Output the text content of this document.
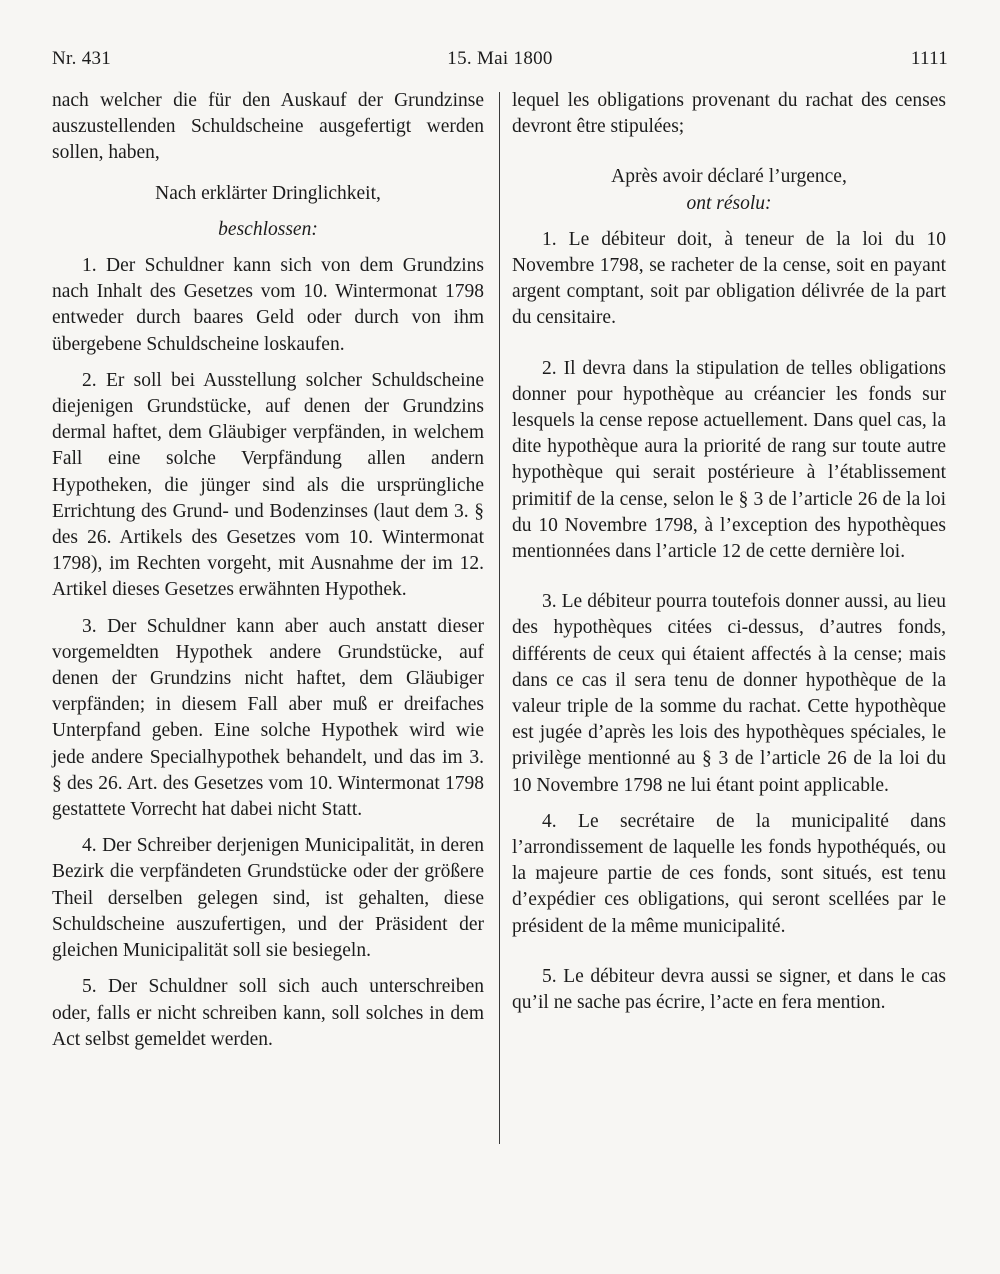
Nr. 431	15. Mai 1800	1111

nach welcher die für den Auskauf der Grundzinse auszustellenden Schuldscheine ausgefertigt werden sollen, haben,

Nach erklärter Dringlichkeit,

beschlossen:

1. Der Schuldner kann sich von dem Grundzins nach Inhalt des Gesetzes vom 10. Wintermonat 1798 entweder durch baares Geld oder durch von ihm übergebene Schuldscheine loskaufen.

2. Er soll bei Ausstellung solcher Schuldscheine diejenigen Grundstücke, auf denen der Grundzins dermal haftet, dem Gläubiger verpfänden, in welchem Fall eine solche Verpfändung allen andern Hypotheken, die jünger sind als die ursprüngliche Errichtung des Grund- und Bodenzinses (laut dem 3. § des 26. Artikels des Gesetzes vom 10. Wintermonat 1798), im Rechten vorgeht, mit Ausnahme der im 12. Artikel dieses Gesetzes erwähnten Hypothek.

3. Der Schuldner kann aber auch anstatt dieser vorgemeldten Hypothek andere Grundstücke, auf denen der Grundzins nicht haftet, dem Gläubiger verpfänden; in diesem Fall aber muß er dreifaches Unterpfand geben. Eine solche Hypothek wird wie jede andere Specialhypothek behandelt, und das im 3. § des 26. Art. des Gesetzes vom 10. Wintermonat 1798 gestattete Vorrecht hat dabei nicht Statt.

4. Der Schreiber derjenigen Municipalität, in deren Bezirk die verpfändeten Grundstücke oder der größere Theil derselben gelegen sind, ist gehalten, diese Schuldscheine auszufertigen, und der Präsident der gleichen Municipalität soll sie besiegeln.

5. Der Schuldner soll sich auch unterschreiben oder, falls er nicht schreiben kann, soll solches in dem Act selbst gemeldet werden.

lequel les obligations provenant du rachat des censes devront être stipulées;

Après avoir déclaré l’urgence,

ont résolu:

1. Le débiteur doit, à teneur de la loi du 10 Novembre 1798, se racheter de la cense, soit en payant argent comptant, soit par obligation délivrée de la part du censitaire.

2. Il devra dans la stipulation de telles obligations donner pour hypothèque au créancier les fonds sur lesquels la cense repose actuellement. Dans quel cas, la dite hypothèque aura la priorité de rang sur toute autre hypothèque qui serait postérieure à l’établissement primitif de la cense, selon le § 3 de l’article 26 de la loi du 10 Novembre 1798, à l’exception des hypothèques mentionnées dans l’article 12 de cette dernière loi.

3. Le débiteur pourra toutefois donner aussi, au lieu des hypothèques citées ci-dessus, d’autres fonds, différents de ceux qui étaient affectés à la cense; mais dans ce cas il sera tenu de donner hypothèque de la valeur triple de la somme du rachat. Cette hypothèque est jugée d’après les lois des hypothèques spéciales, le privilège mentionné au § 3 de l’article 26 de la loi du 10 Novembre 1798 ne lui étant point applicable.

4. Le secrétaire de la municipalité dans l’arrondissement de laquelle les fonds hypothéqués, ou la majeure partie de ces fonds, sont situés, est tenu d’expédier ces obligations, qui seront scellées par le président de la même municipalité.

5. Le débiteur devra aussi se signer, et dans le cas qu’il ne sache pas écrire, l’acte en fera mention.
